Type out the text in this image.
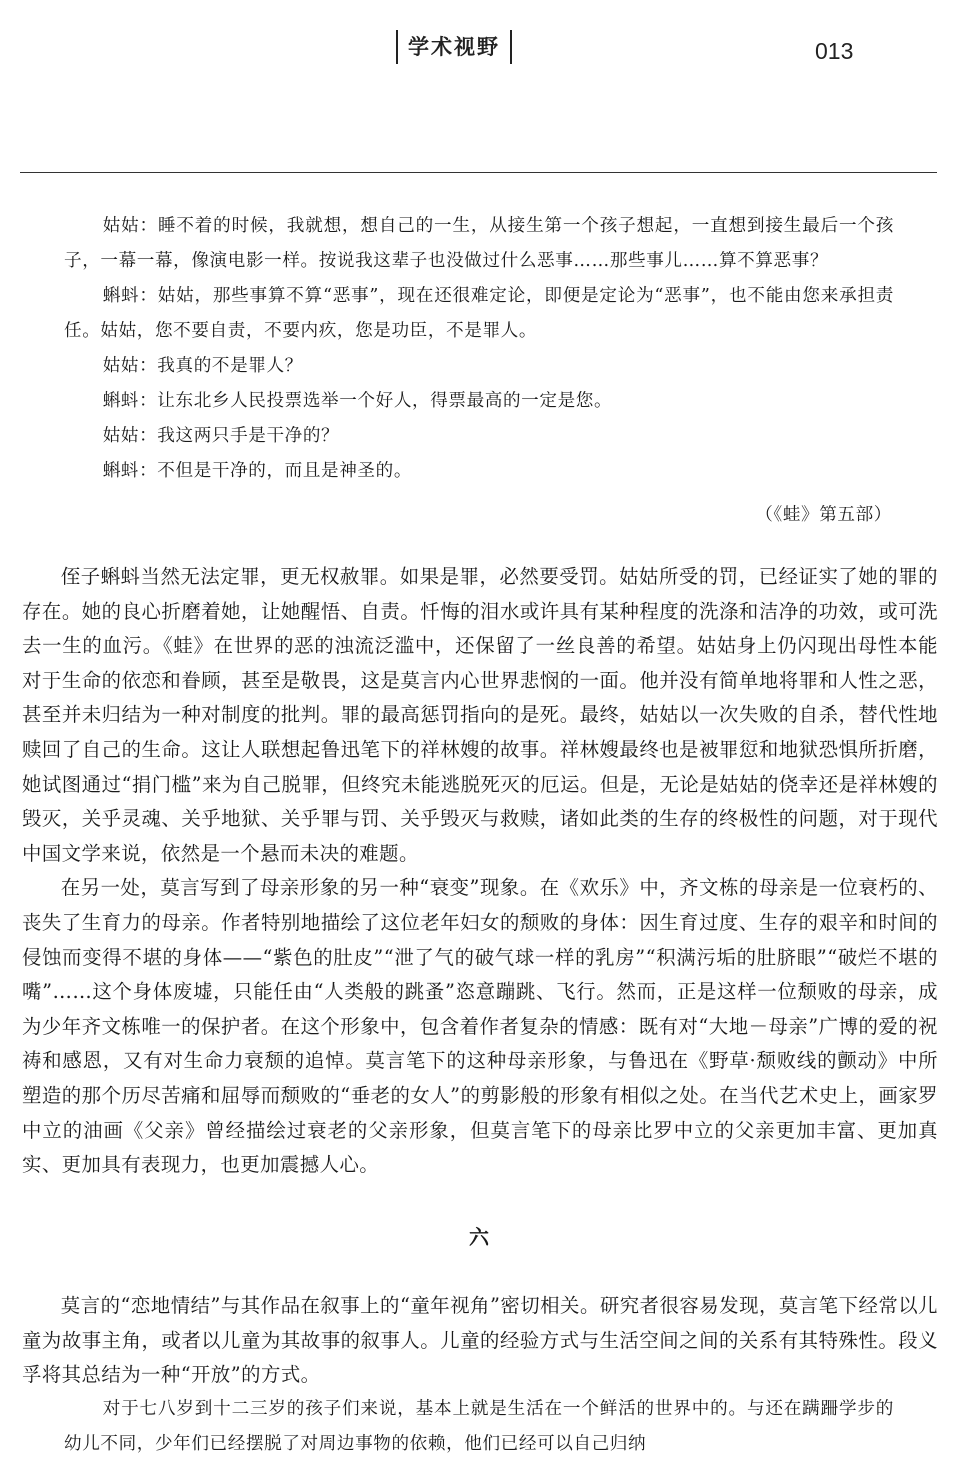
学术视野	013

姑姑：睡不着的时候，我就想，想自己的一生，从接生第一个孩子想起，一直想到接生最后一个孩子，一幕一幕，像演电影一样。按说我这辈子也没做过什么恶事……那些事儿……算不算恶事？

蝌蚪：姑姑，那些事算不算“恶事”，现在还很难定论，即便是定论为“恶事”，也不能由您来承担责任。姑姑，您不要自责，不要内疚，您是功臣，不是罪人。

姑姑：我真的不是罪人？

蝌蚪：让东北乡人民投票选举一个好人，得票最高的一定是您。

姑姑：我这两只手是干净的？

蝌蚪：不但是干净的，而且是神圣的。

（《蛙》第五部）

侄子蝌蚪当然无法定罪，更无权赦罪。如果是罪，必然要受罚。姑姑所受的罚，已经证实了她的罪的存在。她的良心折磨着她，让她醒悟、自责。忏悔的泪水或许具有某种程度的洗涤和洁净的功效，或可洗去一生的血污。《蛙》在世界的恶的浊流泛滥中，还保留了一丝良善的希望。姑姑身上仍闪现出母性本能对于生命的依恋和眷顾，甚至是敬畏，这是莫言内心世界悲悯的一面。他并没有简单地将罪和人性之恶，甚至并未归结为一种对制度的批判。罪的最高惩罚指向的是死。最终，姑姑以一次失败的自杀，替代性地赎回了自己的生命。这让人联想起鲁迅笔下的祥林嫂的故事。祥林嫂最终也是被罪愆和地狱恐惧所折磨，她试图通过“捐门槛”来为自己脱罪，但终究未能逃脱死灭的厄运。但是，无论是姑姑的侥幸还是祥林嫂的毁灭，关乎灵魂、关乎地狱、关乎罪与罚、关乎毁灭与救赎，诸如此类的生存的终极性的问题，对于现代中国文学来说，依然是一个悬而未决的难题。

在另一处，莫言写到了母亲形象的另一种“衰变”现象。在《欢乐》中，齐文栋的母亲是一位衰朽的、丧失了生育力的母亲。作者特别地描绘了这位老年妇女的颓败的身体：因生育过度、生存的艰辛和时间的侵蚀而变得不堪的身体——“紫色的肚皮”“泄了气的破气球一样的乳房”“积满污垢的肚脐眼”“破烂不堪的嘴”……这个身体废墟，只能任由“人类般的跳蚤”恣意蹦跳、飞行。然而，正是这样一位颓败的母亲，成为少年齐文栋唯一的保护者。在这个形象中，包含着作者复杂的情感：既有对“大地－母亲”广博的爱的祝祷和感恩，又有对生命力衰颓的追悼。莫言笔下的这种母亲形象，与鲁迅在《野草·颓败线的颤动》中所塑造的那个历尽苦痛和屈辱而颓败的“垂老的女人”的剪影般的形象有相似之处。在当代艺术史上，画家罗中立的油画《父亲》曾经描绘过衰老的父亲形象，但莫言笔下的母亲比罗中立的父亲更加丰富、更加真实、更加具有表现力，也更加震撼人心。

六

莫言的“恋地情结”与其作品在叙事上的“童年视角”密切相关。研究者很容易发现，莫言笔下经常以儿童为故事主角，或者以儿童为其故事的叙事人。儿童的经验方式与生活空间之间的关系有其特殊性。段义孚将其总结为一种“开放”的方式。

对于七八岁到十二三岁的孩子们来说，基本上就是生活在一个鲜活的世界中的。与还在蹒跚学步的幼儿不同，少年们已经摆脱了对周边事物的依赖，他们已经可以自己归纳
